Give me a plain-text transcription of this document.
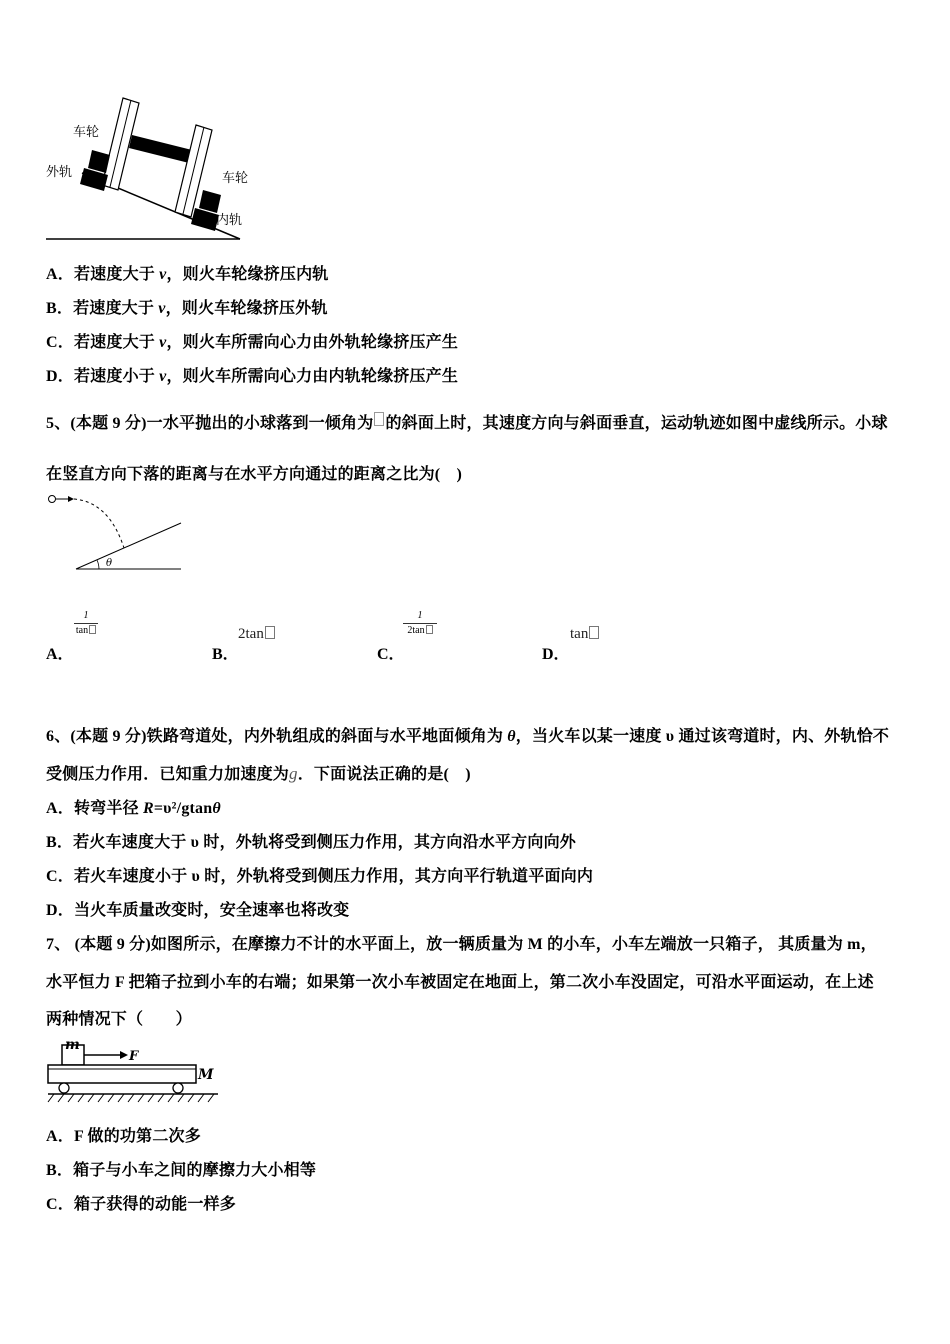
车轮
外轨	车轮
内轨
A．若速度大于 v，则火车轮缘挤压内轨
B．若速度大于 v，则火车轮缘挤压外轨
C．若速度大于 v，则火车所需向心力由外轨轮缘挤压产生
D．若速度小于 v，则火车所需向心力由内轨轮缘挤压产生
5、(本题 9 分)一水平抛出的小球落到一倾角为 的斜面上时，其速度方向与斜面垂直，运动轨迹如图中虚线所示。小球
在竖直方向下落的距离与在水平方向通过的距离之比为(　)
θ
A．
1
tan
B．
2tan
C．
1
2tan
D．
tan
6、(本题 9 分)铁路弯道处，内外轨组成的斜面与水平地面倾角为 θ，当火车以某一速度 υ 通过该弯道时，内、外轨恰不
受侧压力作用．已知重力加速度为g．下面说法正确的是(　)
A．转弯半径 R=υ²/gtanθ
B．若火车速度大于 υ 时，外轨将受到侧压力作用，其方向沿水平方向向外
C．若火车速度小于 υ 时，外轨将受到侧压力作用，其方向平行轨道平面向内
D．当火车质量改变时，安全速率也将改变
7、 (本题 9 分)如图所示，在摩擦力不计的水平面上，放一辆质量为 M 的小车，小车左端放一只箱子， 其质量为 m，
水平恒力 F 把箱子拉到小车的右端；如果第一次小车被固定在地面上，第二次小车没固定，可沿水平面运动，在上述
两种情况下（　　）
m
F
M
A．F 做的功第二次多
B．箱子与小车之间的摩擦力大小相等
C．箱子获得的动能一样多
